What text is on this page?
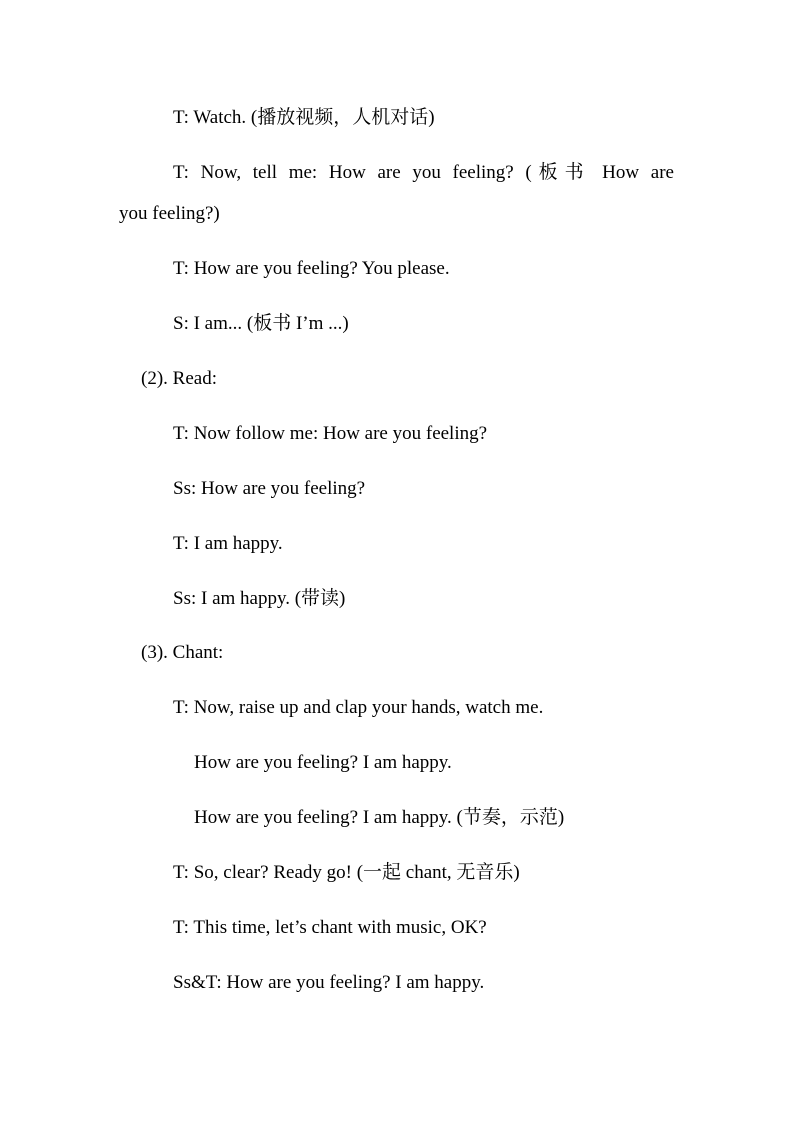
T: Watch. (播放视频，人机对话)
T: Now, tell me: How are you feeling? (板书 How are
you feeling?)
T: How are you feeling? You please.
S: I am... (板书 I’m ...)
(2). Read:
T: Now follow me: How are you feeling?
Ss: How are you feeling?
T: I am happy.
Ss: I am happy. (带读)
(3). Chant:
T: Now, raise up and clap your hands, watch me.
How are you feeling? I am happy.
How are you feeling? I am happy. (节奏，示范)
T: So, clear? Ready go! (一起 chant, 无音乐)
T: This time, let’s chant with music, OK?
Ss&T: How are you feeling? I am happy.
